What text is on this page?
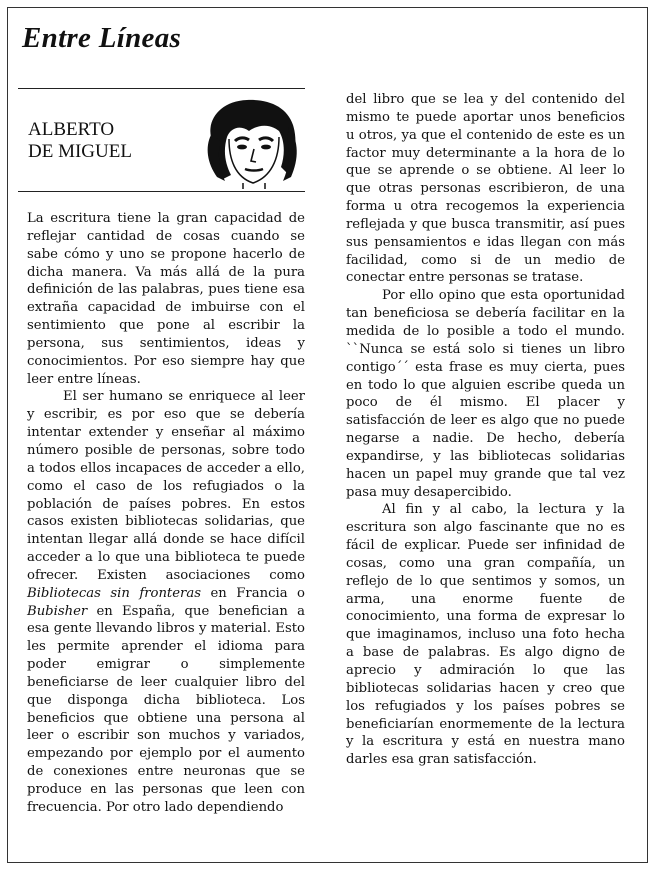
Entre Líneas
ALBERTO
DE MIGUEL

La escritura tiene la gran capacidad de reflejar cantidad de cosas cuando se sabe cómo y uno se propone hacerlo de dicha manera. Va más allá de la pura definición de las palabras, pues tiene esa extraña capacidad de imbuirse con el sentimiento que pone al escribir la persona, sus sentimientos, ideas y conocimientos. Por eso siempre hay que leer entre líneas.

El ser humano se enriquece al leer y escribir, es por eso que se debería intentar extender y enseñar al máximo número posible de personas, sobre todo a todos ellos incapaces de acceder a ello, como el caso de los refugiados o la población de países pobres. En estos casos existen bibliotecas solidarias, que intentan llegar allá donde se hace difícil acceder a lo que una biblioteca te puede ofrecer. Existen asociaciones como Bibliotecas sin fronteras en Francia o Bubisher en España, que benefician a esa gente llevando libros y material. Esto les permite aprender el idioma para poder emigrar o simplemente beneficiarse de leer cualquier libro del que disponga dicha biblioteca. Los beneficios que obtiene una persona al leer o escribir son muchos y variados, empezando por ejemplo por el aumento de conexiones entre neuronas que se produce en las personas que leen con frecuencia. Por otro lado dependiendo

del libro que se lea y del contenido del mismo te puede aportar unos beneficios u otros, ya que el contenido de este es un factor muy determinante a la hora de lo que se aprende o se obtiene. Al leer lo que otras personas escribieron, de una forma u otra recogemos la experiencia reflejada y que busca transmitir, así pues sus pensamientos e idas llegan con más facilidad, como si de un medio de conectar entre personas se tratase.

Por ello opino que esta oportunidad tan beneficiosa se debería facilitar en la medida de lo posible a todo el mundo. ``Nunca se está solo si tienes un libro contigo´´ esta frase es muy cierta, pues en todo lo que alguien escribe queda un poco de él mismo. El placer y satisfacción de leer es algo que no puede negarse a nadie. De hecho, debería expandirse, y las bibliotecas solidarias hacen un papel muy grande que tal vez pasa muy desapercibido.

Al fin y al cabo, la lectura y la escritura son algo fascinante que no es fácil de explicar. Puede ser infinidad de cosas, como una gran compañía, un reflejo de lo que sentimos y somos, un arma, una enorme fuente de conocimiento, una forma de expresar lo que imaginamos, incluso una foto hecha a base de palabras. Es algo digno de aprecio y admiración lo que las bibliotecas solidarias hacen y creo que los refugiados y los países pobres se beneficiarían enormemente de la lectura y la escritura y está en nuestra mano darles esa gran satisfacción.
